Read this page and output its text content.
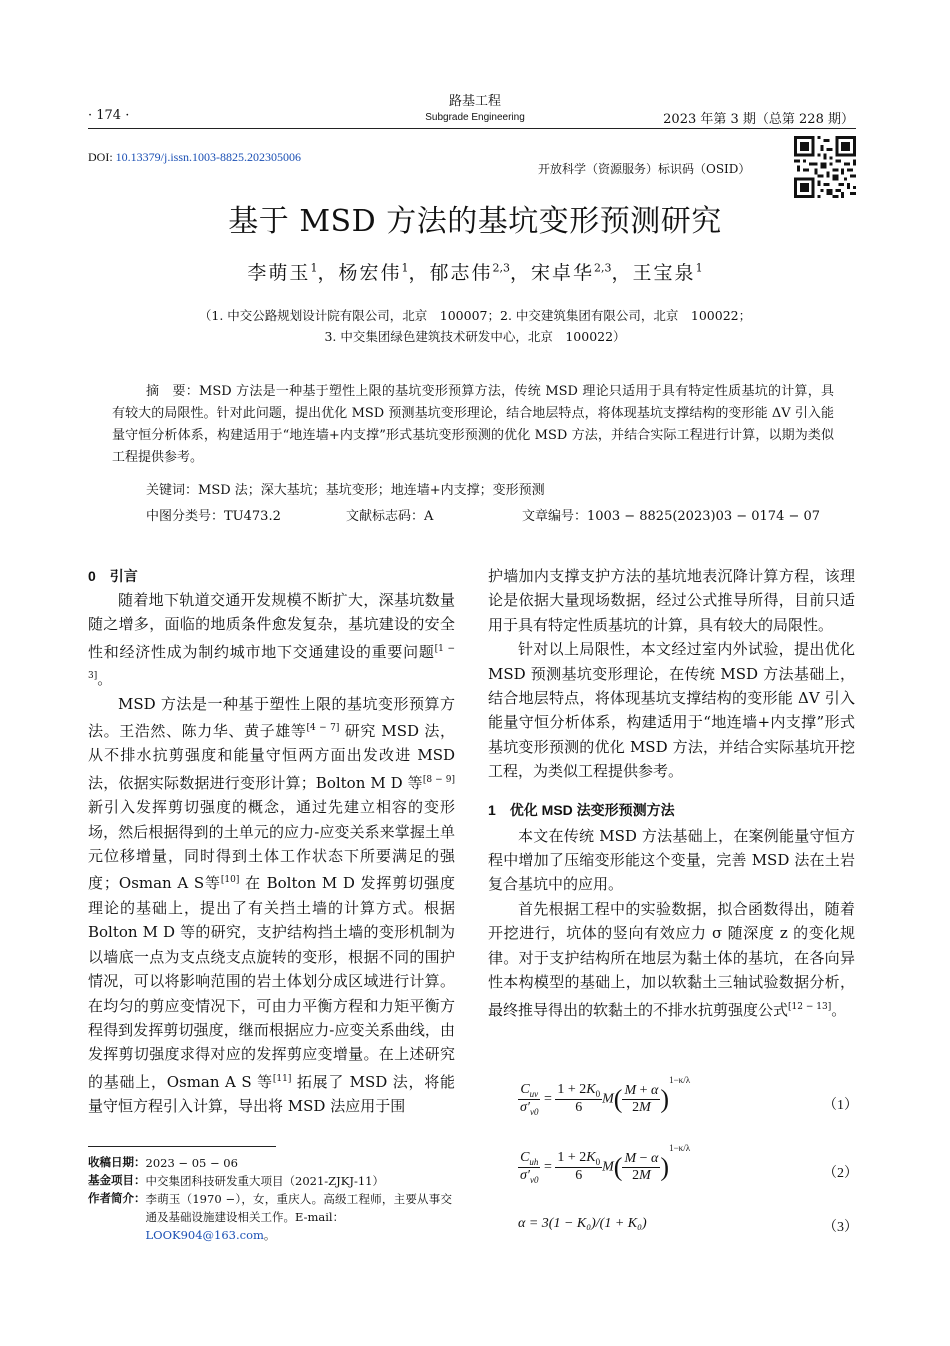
· 174 ·
路基工程
Subgrade Engineering	2023 年第 3 期（总第 228 期）
DOI: 10.13379/j.issn.1003-8825.202305006
开放科学（资源服务）标识码（OSID）
基于 MSD 方法的基坑变形预测研究
李萌玉$^1$，杨宏伟$^1$，郁志伟$^{2,3}$，宋卓华$^{2,3}$，王宝泉$^1$
（1. 中交公路规划设计院有限公司，北京　100007；2. 中交建筑集团有限公司，北京　100022；
3. 中交集团绿色建筑技术研发中心，北京　100022）

摘　要：MSD 方法是一种基于塑性上限的基坑变形预算方法，传统 MSD 理论只适用于具有特定性质基坑的计算，具有较大的局限性。针对此问题，提出优化 MSD 预测基坑变形理论，结合地层特点，将体现基坑支撑结构的变形能 ΔV 引入能量守恒分析体系，构建适用于“地连墙+内支撑”形式基坑变形预测的优化 MSD 方法，并结合实际工程进行计算，以期为类似工程提供参考。

关键词：MSD 法；深大基坑；基坑变形；地连墙+内支撑；变形预测
中图分类号：TU473.2	文献标志码：A	文章编号：1003 − 8825(2023)03 − 0174 − 07
0　引言

随着地下轨道交通开发规模不断扩大，深基坑数量随之增多，面临的地质条件愈发复杂，基坑建设的安全性和经济性成为制约城市地下交通建设的重要问题[1 − 3]。

MSD 方法是一种基于塑性上限的基坑变形预算方法。王浩然、陈力华、黄子雄等[4 − 7] 研究 MSD 法，从不排水抗剪强度和能量守恒两方面出发改进 MSD 法，依据实际数据进行变形计算；Bolton M D 等[8 − 9] 新引入发挥剪切强度的概念，通过先建立相容的变形场，然后根据得到的土单元的应力-应变关系来掌握土单元位移增量，同时得到土体工作状态下所要满足的强度；Osman A S等[10] 在 Bolton M D 发挥剪切强度理论的基础上，提出了有关挡土墙的计算方式。根据 Bolton M D 等的研究，支护结构挡土墙的变形机制为以墙底一点为支点绕支点旋转的变形，根据不同的围护情况，可以将影响范围的岩土体划分成区域进行计算。在均匀的剪应变情况下，可由力平衡方程和力矩平衡方程得到发挥剪切强度，继而根据应力-应变关系曲线，由发挥剪切强度求得对应的发挥剪应变增量。在上述研究的基础上，Osman A S 等[11] 拓展了 MSD 法，将能量守恒方程引入计算，导出将 MSD 法应用于围

护墙加内支撑支护方法的基坑地表沉降计算方程，该理论是依据大量现场数据，经过公式推导所得，目前只适用于具有特定性质基坑的计算，具有较大的局限性。

针对以上局限性，本文经过室内外试验，提出优化 MSD 预测基坑变形理论，在传统 MSD 方法基础上，结合地层特点，将体现基坑支撑结构的变形能 ΔV 引入能量守恒分析体系，构建适用于“地连墙+内支撑”形式基坑变形预测的优化 MSD 方法，并结合实际基坑开挖工程，为类似工程提供参考。

1　优化 MSD 法变形预测方法

本文在传统 MSD 方法基础上，在案例能量守恒方程中增加了压缩变形能这个变量，完善 MSD 法在土岩复合基坑中的应用。

首先根据工程中的实验数据，拟合函数得出，随着开挖进行，坑体的竖向有效应力 σ 随深度 z 的变化规律。对于支护结构所在地层为黏土体的基坑，在各向异性本构模型的基础上，加以软黏土三轴试验数据分析，最终推导得出的软黏土的不排水抗剪强度公式[12 − 13]。

$\frac{C_{uv}}{\sigma'_{v0}} = \frac{1 + 2K_0}{6} M( \frac{M + \alpha}{2M} )^{1-\kappa/\lambda}$
（1）
$\frac{C_{uh}}{\sigma'_{v0}} = \frac{1 + 2K_0}{6} M( \frac{M - \alpha}{2M} )^{1-\kappa/\lambda}$
（2）
α = 3(1 − K₀)/(1 + K₀)	（3）
收稿日期： 2023 − 05 − 06
基金项目： 中交集团科技研发重大项目（2021-ZJKJ-11）
作者简介： 李萌玉（1970 −），女，重庆人。高级工程师，主要从事交通及基础设施建设相关工作。E-mail：
LOOK904@163.com。
